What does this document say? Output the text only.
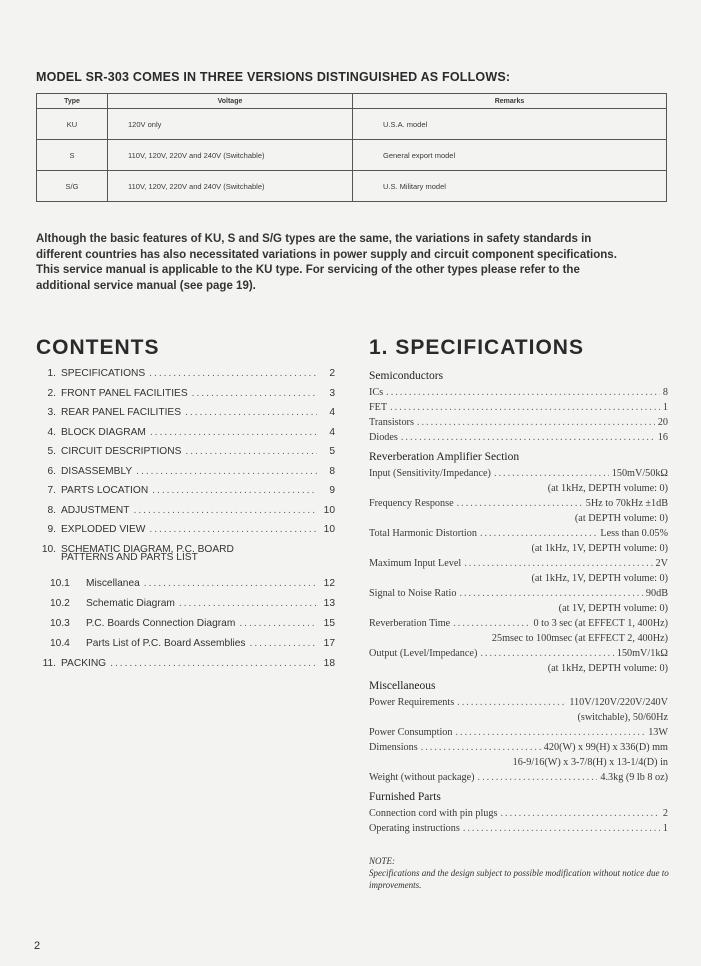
MODEL SR-303 COMES IN THREE VERSIONS DISTINGUISHED AS FOLLOWS:
Type	Voltage	Remarks
KU	120V only	U.S.A. model
S	110V, 120V, 220V and 240V (Switchable)	General export model
S/G	110V, 120V, 220V and 240V (Switchable)	U.S. Military model
Although the basic features of KU, S and S/G types are the same, the variations in safety standards in different countries has also necessitated variations in power supply and circuit component specifications.
This service manual is applicable to the KU type. For servicing of the other types please refer to the additional service manual (see page 19).
CONTENTS	1. SPECIFICATIONS
1. SPECIFICATIONS .....	2
2. FRONT PANEL FACILITIES .....	3
3. REAR PANEL FACILITIES .....	4
4. BLOCK DIAGRAM .....	4
5. CIRCUIT DESCRIPTIONS .....	5
6. DISASSEMBLY .....	8
7. PARTS LOCATION .....	9
8. ADJUSTMENT .....	10
9. EXPLODED VIEW .....	10
10. SCHEMATIC DIAGRAM, P.C. BOARD
PATTERNS AND PARTS LIST
10.1	Miscellanea .....	12
10.2	Schematic Diagram .....	13
10.3	P.C. Boards Connection Diagram .....	15
10.4	Parts List of P.C. Board Assemblies .....	17
11. PACKING .....	18
Semiconductors
ICs .....	8
FET .....	1
Transistors .....	20
Diodes .....	16
Reverberation Amplifier Section
Input (Sensitivity/Impedance) .....	150mV/50kΩ
(at 1kHz, DEPTH volume: 0)
Frequency Response .....	5Hz to 70kHz ±1dB
(at DEPTH volume: 0)
Total Harmonic Distortion .....	Less than 0.05%
(at 1kHz, 1V, DEPTH volume: 0)
Maximum Input Level .....	2V
(at 1kHz, 1V, DEPTH volume: 0)
Signal to Noise Ratio .....	90dB
(at 1V, DEPTH volume: 0)
Reverberation Time .....	0 to 3 sec (at EFFECT 1, 400Hz)
25msec to 100msec (at EFFECT 2, 400Hz)
Output (Level/Impedance) .....	150mV/1kΩ
(at 1kHz, DEPTH volume: 0)
Miscellaneous
Power Requirements .....	110V/120V/220V/240V
(switchable), 50/60Hz
Power Consumption .....	13W
Dimensions .....	420(W) x 99(H) x 336(D) mm
16-9/16(W) x 3-7/8(H) x 13-1/4(D) in
Weight (without package) .....	4.3kg (9 lb 8 oz)
Furnished Parts
Connection cord with pin plugs .....	2
Operating instructions .....	1
NOTE:
Specifications and the design subject to possible modification without notice due to improvements.
2
